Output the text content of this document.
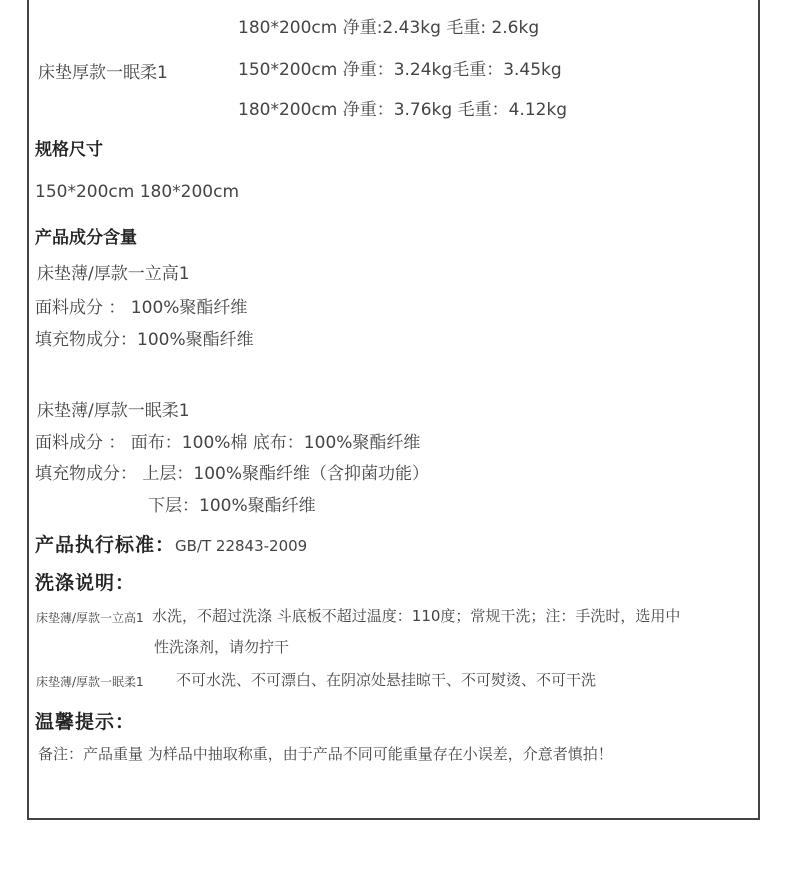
180*200cm 净重:2.43kg 毛重: 2.6kg
床垫厚款一眠柔1	150*200cm 净重：3.24kg毛重：3.45kg
180*200cm 净重：3.76kg 毛重：4.12kg
规格尺寸
150*200cm 180*200cm
产品成分含量
床垫薄/厚款一立高1
面料成分 ： 100%聚酯纤维
填充物成分：100%聚酯纤维
床垫薄/厚款一眠柔1
面料成分 ： 面布：100%棉 底布：100%聚酯纤维
填充物成分： 上层：100%聚酯纤维（含抑菌功能）
下层：100%聚酯纤维
产品执行标准：GB/T 22843-2009
洗涤说明：
床垫薄/厚款一立高1 水洗，不超过洗涤 斗底板不超过温度：110度；常规干洗；注：手洗时，选用中
性洗涤剂，请勿拧干
床垫薄/厚款一眠柔1 不可水洗、不可漂白、在阴凉处悬挂晾干、不可熨烫、不可干洗
温馨提示：
备注：产品重量 为样品中抽取称重，由于产品不同可能重量存在小误差，介意者慎拍！
